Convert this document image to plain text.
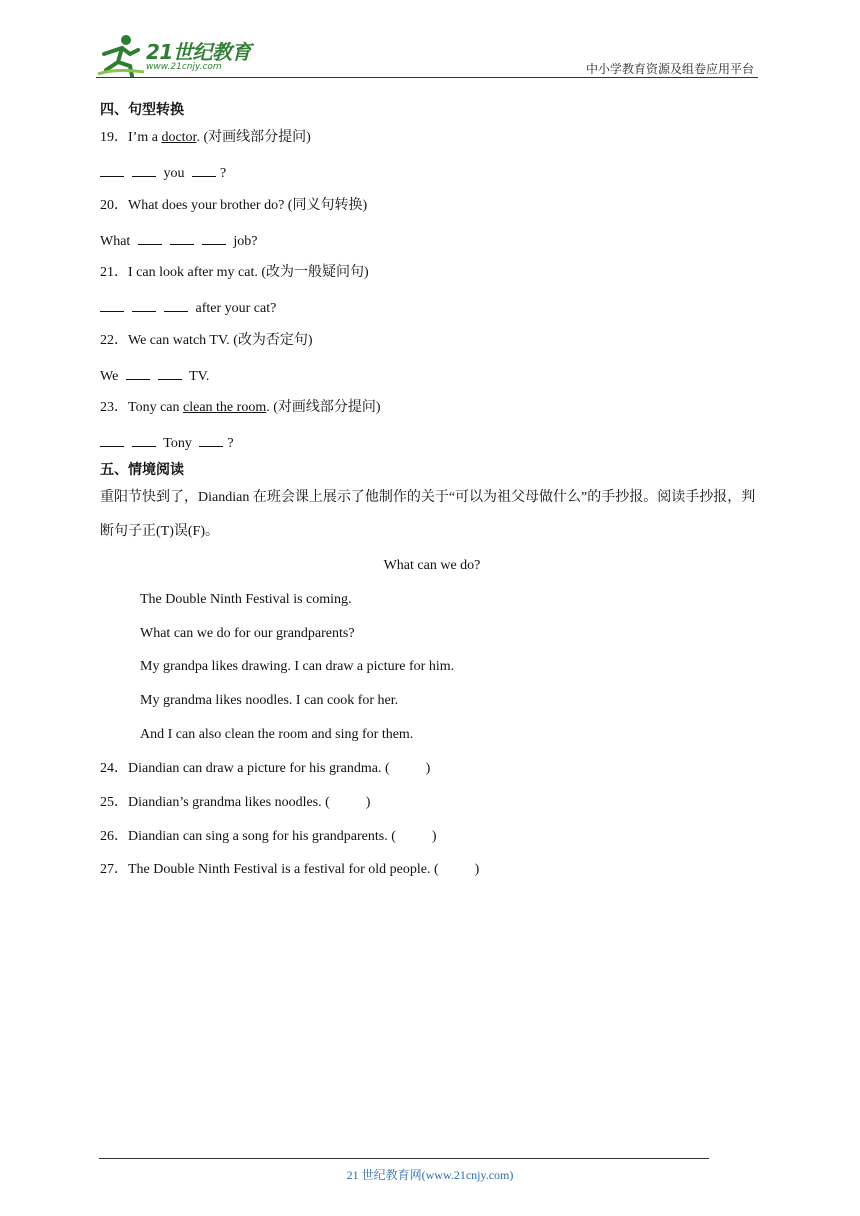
21世纪教育
www.21cnjy.com	中小学教育资源及组卷应用平台
四、句型转换
19．I’m a doctor. (对画线部分提问)
you	?
20．What does your brother do? (同义句转换)
What	job?
21．I can look after my cat. (改为一般疑问句)
after your cat?
22．We can watch TV. (改为否定句)
We	TV.
23．Tony can clean the room. (对画线部分提问)
Tony	?
五、情境阅读
重阳节快到了，Diandian 在班会课上展示了他制作的关于“可以为祖父母做什么”的手抄报。阅读手抄报，判断句子正(T)误(F)。
What can we do?
The Double Ninth Festival is coming.
What can we do for our grandparents?
My grandpa likes drawing. I can draw a picture for him.
My grandma likes noodles. I can cook for her.
And I can also clean the room and sing for them.
24．Diandian can draw a picture for his grandma. (	)
25．Diandian’s grandma likes noodles. (	)
26．Diandian can sing a song for his grandparents. (	)
27．The Double Ninth Festival is a festival for old people. (	)
21 世纪教育网(www.21cnjy.com)
